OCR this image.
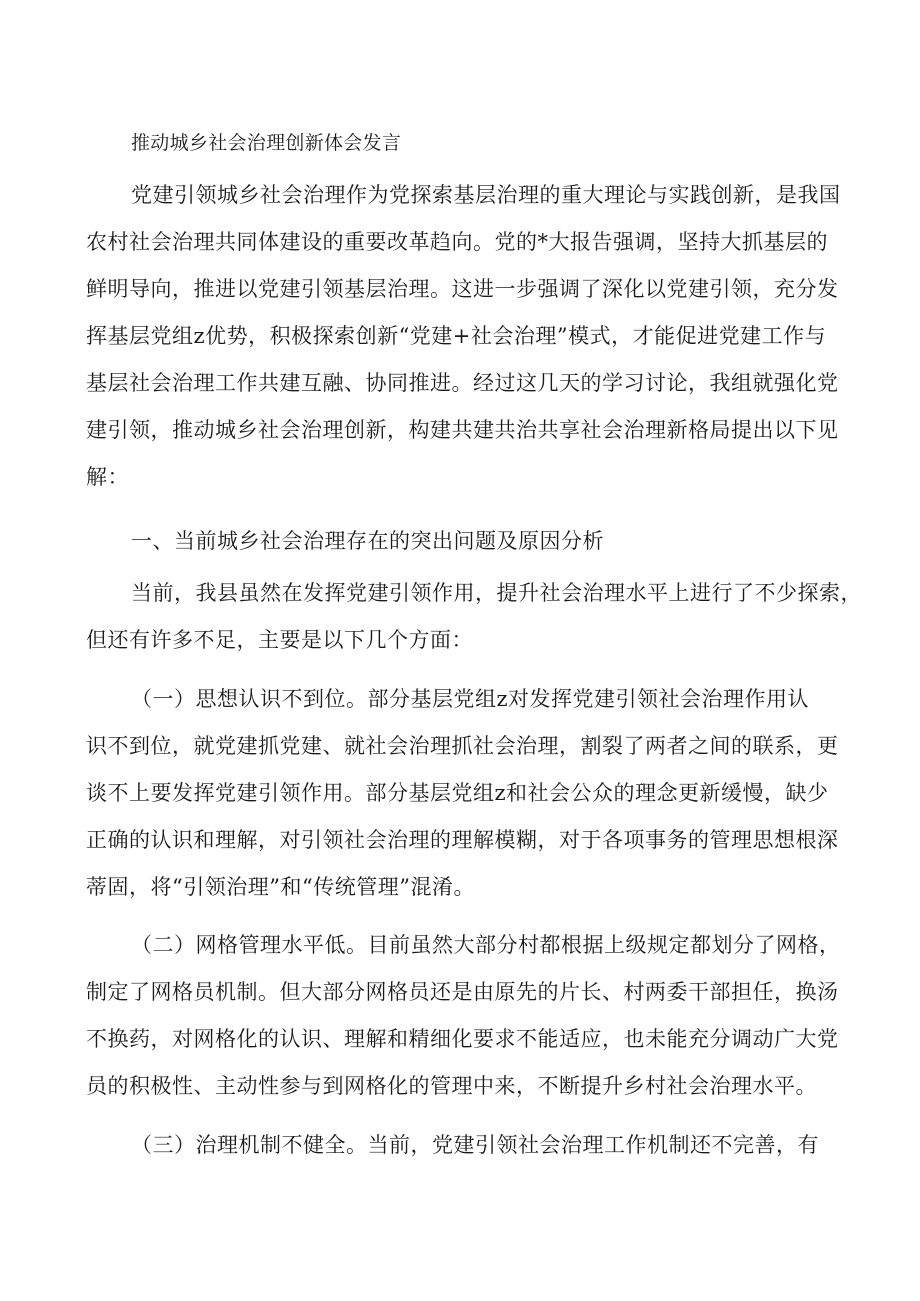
推动城乡社会治理创新体会发言
党建引领城乡社会治理作为党探索基层治理的重大理论与实践创新，是我国
农村社会治理共同体建设的重要改革趋向。党的*大报告强调，坚持大抓基层的
鲜明导向，推进以党建引领基层治理。这进一步强调了深化以党建引领，充分发
挥基层党组z优势，积极探索创新“党建+社会治理”模式，才能促进党建工作与
基层社会治理工作共建互融、协同推进。经过这几天的学习讨论，我组就强化党
建引领，推动城乡社会治理创新，构建共建共治共享社会治理新格局提出以下见
解：
一、当前城乡社会治理存在的突出问题及原因分析
当前，我县虽然在发挥党建引领作用，提升社会治理水平上进行了不少探索，
但还有许多不足，主要是以下几个方面：
（一）思想认识不到位。部分基层党组z对发挥党建引领社会治理作用认
识不到位，就党建抓党建、就社会治理抓社会治理，割裂了两者之间的联系，更
谈不上要发挥党建引领作用。部分基层党组z和社会公众的理念更新缓慢，缺少
正确的认识和理解，对引领社会治理的理解模糊，对于各项事务的管理思想根深
蒂固，将“引领治理”和“传统管理”混淆。
（二）网格管理水平低。目前虽然大部分村都根据上级规定都划分了网格，
制定了网格员机制。但大部分网格员还是由原先的片长、村两委干部担任，换汤
不换药，对网格化的认识、理解和精细化要求不能适应，也未能充分调动广大党
员的积极性、主动性参与到网格化的管理中来，不断提升乡村社会治理水平。
（三）治理机制不健全。当前，党建引领社会治理工作机制还不完善，有
